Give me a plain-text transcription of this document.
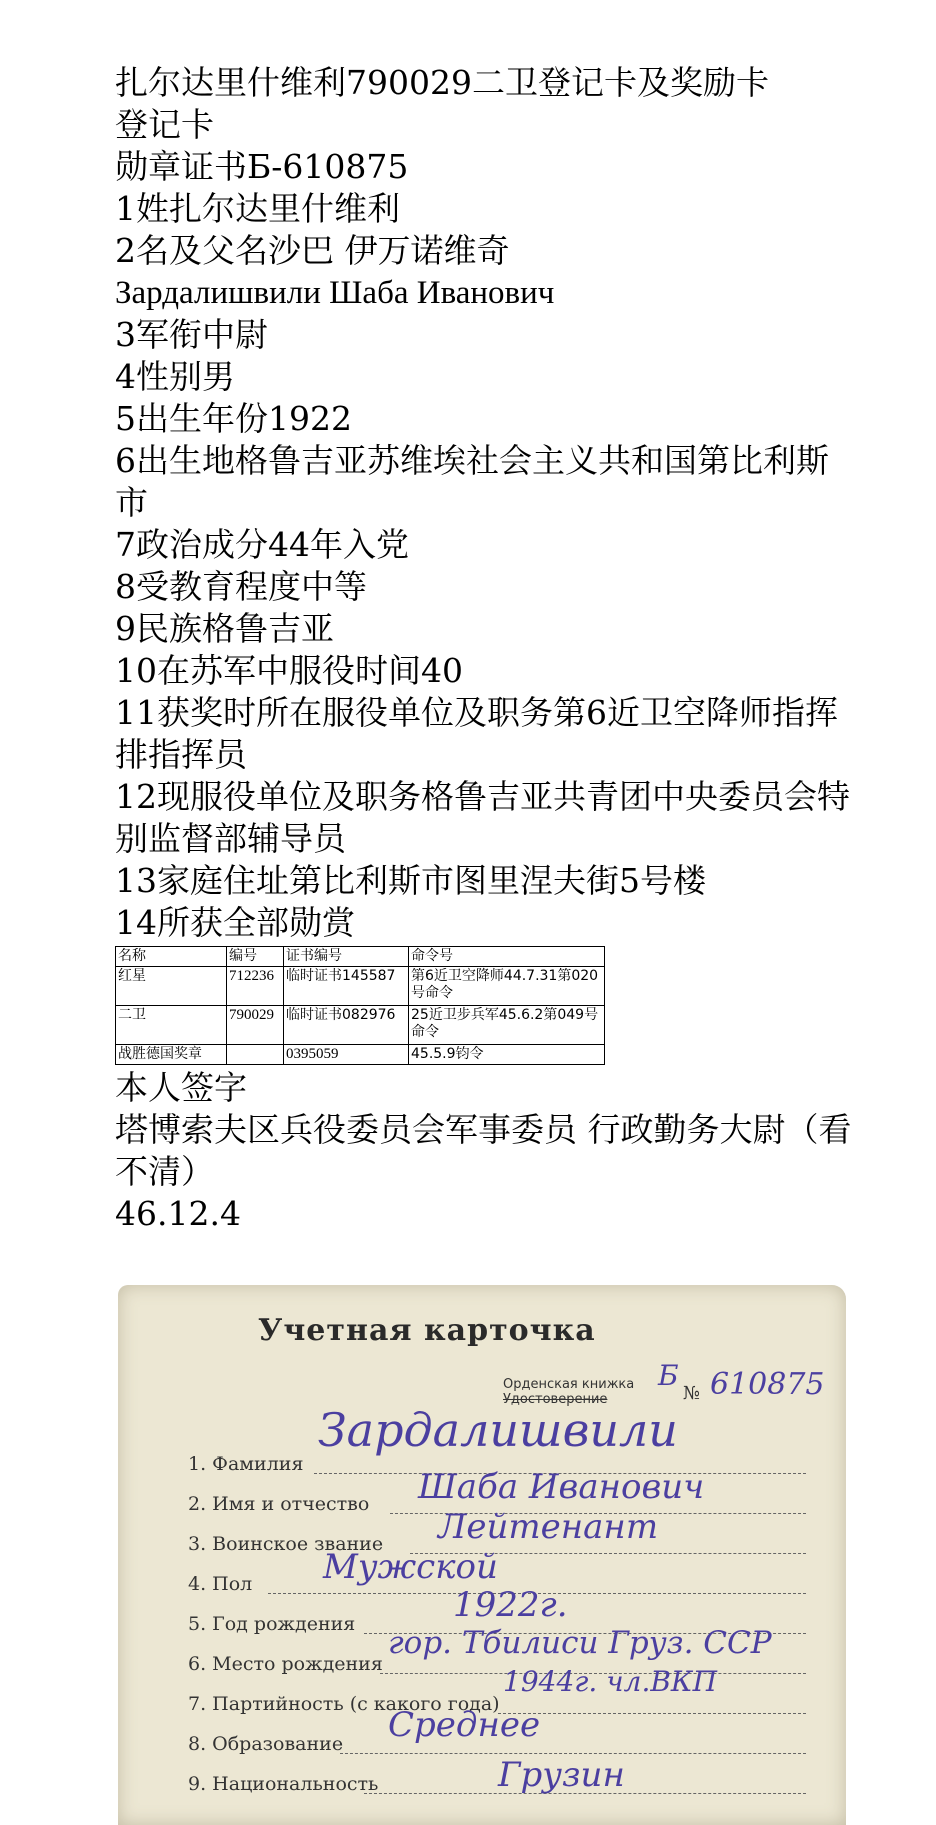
扎尔达里什维利790029二卫登记卡及奖励卡

登记卡

勋章证书Б-610875

1姓扎尔达里什维利

2名及父名沙巴 伊万诺维奇

Зардалишвили Шаба Иванович

3军衔中尉

4性别男

5出生年份1922

6出生地格鲁吉亚苏维埃社会主义共和国第比利斯市

7政治成分44年入党

8受教育程度中等

9民族格鲁吉亚

10在苏军中服役时间40

11获奖时所在服役单位及职务第6近卫空降师指挥排指挥员

12现服役单位及职务格鲁吉亚共青团中央委员会特别监督部辅导员

13家庭住址第比利斯市图里涅夫街5号楼

14所获全部勋赏

名称	编号	证书编号	命令号
红星	712236	临时证书145587	第6近卫空降师44.7.31第020号命令
二卫	790029	临时证书082976	25近卫步兵军45.6.2第049号命令
战胜德国奖章		0395059	45.5.9钧令

本人签字

塔博索夫区兵役委员会军事委员 行政勤务大尉（看不清）

46.12.4

Учетная карточка
Орденская книжка
Удостоверение
Б
№ 610875
1. Фамилия
Зардалишвили
2. Имя и отчество Шаба Иванович
3. Воинское звание Лейтенант
4. Пол Мужской
5. Год рождения	1922г.
6. Место рождения
гор. Тбилиси Груз. ССР
7. Партийность (с какого года)
1944г. чл.ВКП
8. Образование Среднее
9. Национальность	Грузин
